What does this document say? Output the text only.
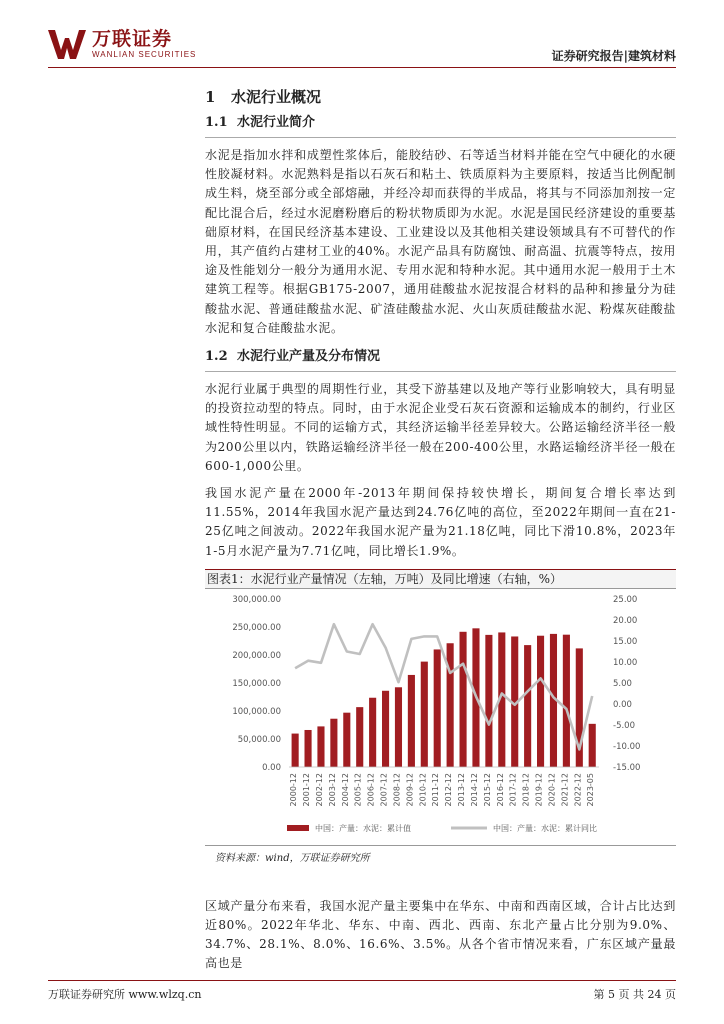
万联证券
WANLIAN SECURITIES	证券研究报告|建筑材料
1 水泥行业概况
1.1 水泥行业简介

水泥是指加水拌和成塑性浆体后，能胶结砂、石等适当材料并能在空气中硬化的水硬性胶凝材料。水泥熟料是指以石灰石和粘土、铁质原料为主要原料，按适当比例配制成生料，烧至部分或全部熔融，并经冷却而获得的半成品，将其与不同添加剂按一定配比混合后，经过水泥磨粉磨后的粉状物质即为水泥。水泥是国民经济建设的重要基础原材料，在国民经济基本建设、工业建设以及其他相关建设领域具有不可替代的作用，其产值约占建材工业的40%。水泥产品具有防腐蚀、耐高温、抗震等特点，按用途及性能划分一般分为通用水泥、专用水泥和特种水泥。其中通用水泥一般用于土木建筑工程等。根据GB175-2007，通用硅酸盐水泥按混合材料的品种和掺量分为硅酸盐水泥、普通硅酸盐水泥、矿渣硅酸盐水泥、火山灰质硅酸盐水泥、粉煤灰硅酸盐水泥和复合硅酸盐水泥。

1.2 水泥行业产量及分布情况

水泥行业属于典型的周期性行业，其受下游基建以及地产等行业影响较大，具有明显的投资拉动型的特点。同时，由于水泥企业受石灰石资源和运输成本的制约，行业区域性特性明显。不同的运输方式，其经济运输半径差异较大。公路运输经济半径一般为200公里以内，铁路运输经济半径一般在200-400公里，水路运输经济半径一般在600-1,000公里。

我国水泥产量在2000年-2013年期间保持较快增长，期间复合增长率达到11.55%，2014年我国水泥产量达到24.76亿吨的高位，至2022年期间一直在21-25亿吨之间波动。2022年我国水泥产量为21.18亿吨，同比下滑10.8%，2023年1-5月水泥产量为7.71亿吨，同比增长1.9%。

图表1：水泥行业产量情况（左轴，万吨）及同比增速（右轴，%）
0.00
50,000.00
100,000.00
150,000.00
200,000.00
250,000.00
300,000.00
-15.00
-10.00
-5.00
0.00
5.00
10.00
15.00
20.00
25.00
2000-12 2001-12 2002-12 2003-12 2004-12 2005-12 2006-12 2007-12 2008-12 2009-12 2010-12 2011-12 2012-12 2013-12 2014-12 2015-12 2016-12 2017-12 2018-12 2019-12 2020-12 2021-12 2022-12 2023-05
中国：产量：水泥：累计值	中国：产量：水泥：累计同比
资料来源：wind，万联证券研究所

区域产量分布来看，我国水泥产量主要集中在华东、中南和西南区域，合计占比达到近80%。2022年华北、华东、中南、西北、西南、东北产量占比分别为9.0%、34.7%、28.1%、8.0%、16.6%、3.5%。从各个省市情况来看，广东区域产量最高也是

万联证券研究所 www.wlzq.cn	第 5 页 共 24 页
